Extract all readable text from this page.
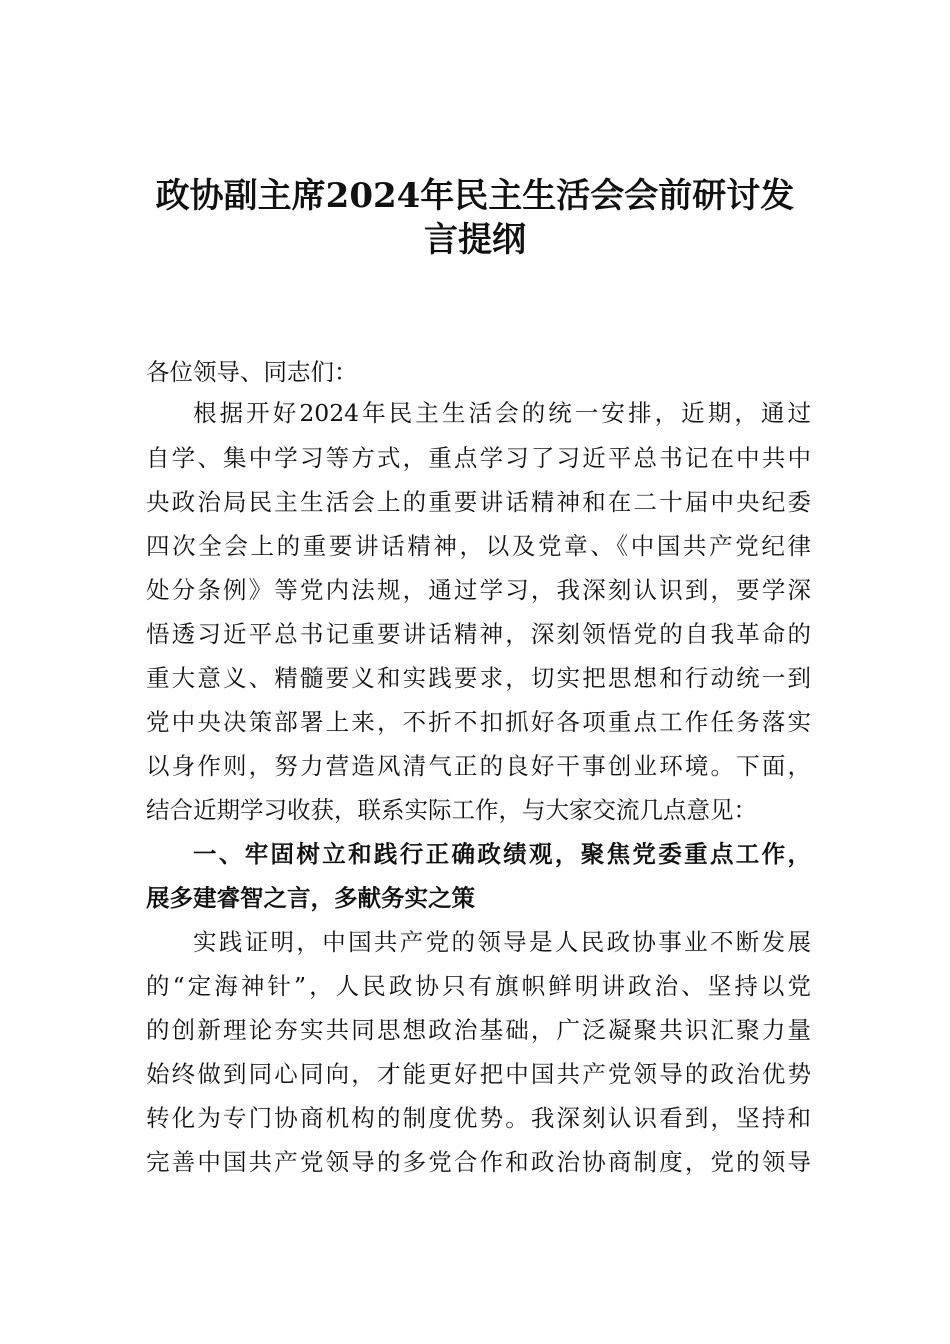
政协副主席2024年民主生活会会前研讨发
言提纲

各位领导、同志们：

根据开好2024年民主生活会的统一安排，近期，通过

自学、集中学习等方式，重点学习了习近平总书记在中共中

央政治局民主生活会上的重要讲话精神和在二十届中央纪委

四次全会上的重要讲话精神，以及党章、《中国共产党纪律

处分条例》等党内法规，通过学习，我深刻认识到，要学深

悟透习近平总书记重要讲话精神，深刻领悟党的自我革命的

重大意义、精髓要义和实践要求，切实把思想和行动统一到

党中央决策部署上来，不折不扣抓好各项重点工作任务落实

以身作则，努力营造风清气正的良好干事创业环境。下面，

结合近期学习收获，联系实际工作，与大家交流几点意见：

一、牢固树立和践行正确政绩观，聚焦党委重点工作，

展多建睿智之言，多献务实之策

实践证明，中国共产党的领导是人民政协事业不断发展

的“定海神针”，人民政协只有旗帜鲜明讲政治、坚持以党

的创新理论夯实共同思想政治基础，广泛凝聚共识汇聚力量

始终做到同心同向，才能更好把中国共产党领导的政治优势

转化为专门协商机构的制度优势。我深刻认识看到，坚持和

完善中国共产党领导的多党合作和政治协商制度，党的领导
